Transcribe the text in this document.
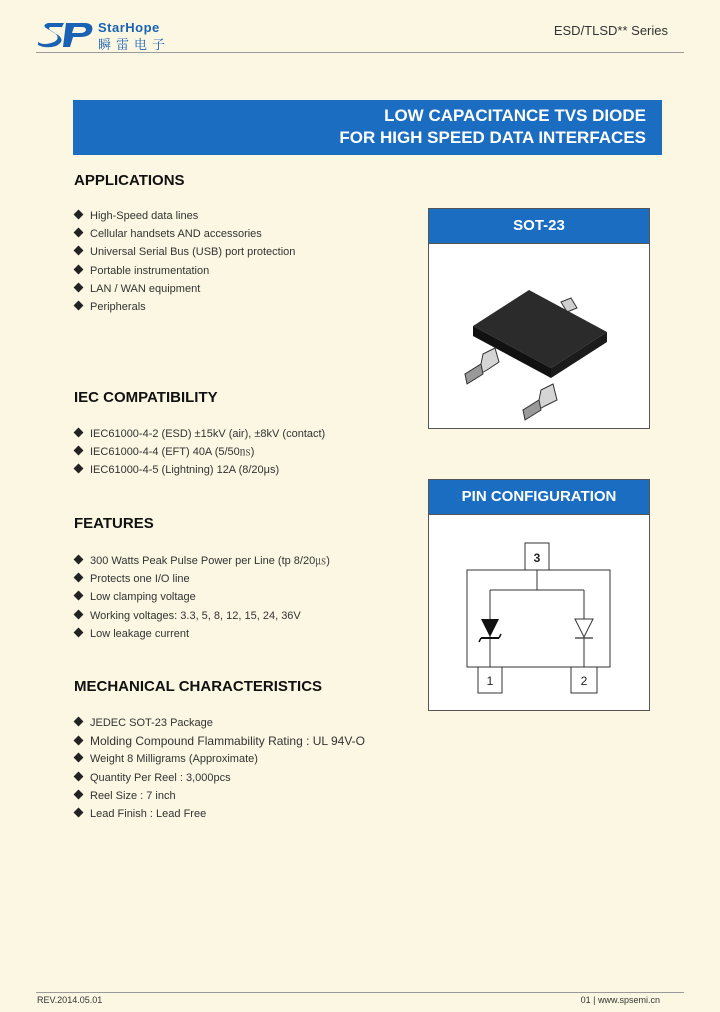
StarHope
瞬雷电子
ESD/TLSD** Series
LOW CAPACITANCE TVS DIODE
FOR HIGH SPEED DATA INTERFACES
APPLICATIONS
High-Speed data lines
Cellular handsets AND accessories
Universal Serial Bus (USB) port protection
Portable instrumentation
LAN / WAN equipment
Peripherals
IEC COMPATIBILITY
IEC61000-4-2 (ESD) ±15kV (air), ±8kV (contact)
IEC61000-4-4 (EFT) 40A (5/50㎱)
IEC61000-4-5 (Lightning) 12A (8/20μs)
FEATURES
300 Watts Peak Pulse Power per Line (tp 8/20㎲)
Protects one I/O line
Low clamping voltage
Working voltages: 3.3, 5, 8, 12, 15, 24, 36V
Low leakage current
MECHANICAL CHARACTERISTICS
JEDEC SOT-23 Package
Molding Compound Flammability Rating : UL 94V-O
Weight 8 Milligrams (Approximate)
Quantity Per Reel : 3,000pcs
Reel Size : 7 inch
Lead Finish : Lead Free
SOT-23
PIN CONFIGURATION
3
1	2
REV.2014.05.01	01 | www.spsemi.cn
